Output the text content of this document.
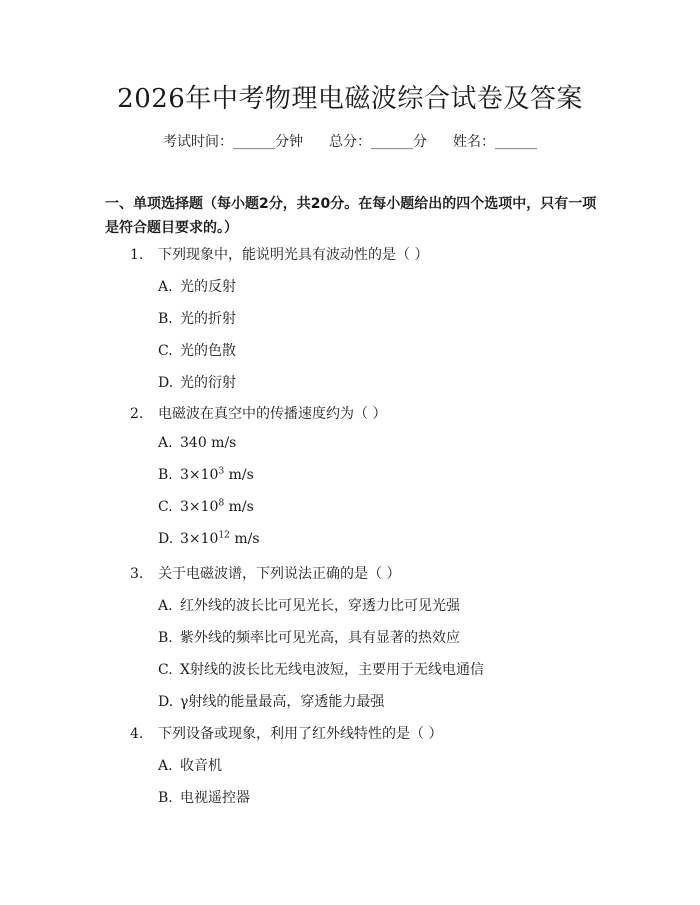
2026年中考物理电磁波综合试卷及答案
考试时间：______分钟 总分：______分 姓名：______
一、单项选择题（每小题2分，共20分。在每小题给出的四个选项中，只有一项是符合题目要求的。）
1. 下列现象中，能说明光具有波动性的是（ ）
A. 光的反射
B. 光的折射
C. 光的色散
D. 光的衍射
2. 电磁波在真空中的传播速度约为（ ）
A. 340 m/s
B. $3\times 10^3$ m/s
C. $3\times 10^8$ m/s
D. $3\times 10^{12}$ m/s
3. 关于电磁波谱，下列说法正确的是（ ）
A. 红外线的波长比可见光长，穿透力比可见光强
B. 紫外线的频率比可见光高，具有显著的热效应
C. X射线的波长比无线电波短，主要用于无线电通信
D. γ射线的能量最高，穿透能力最强
4. 下列设备或现象，利用了红外线特性的是（ ）
A. 收音机
B. 电视遥控器
